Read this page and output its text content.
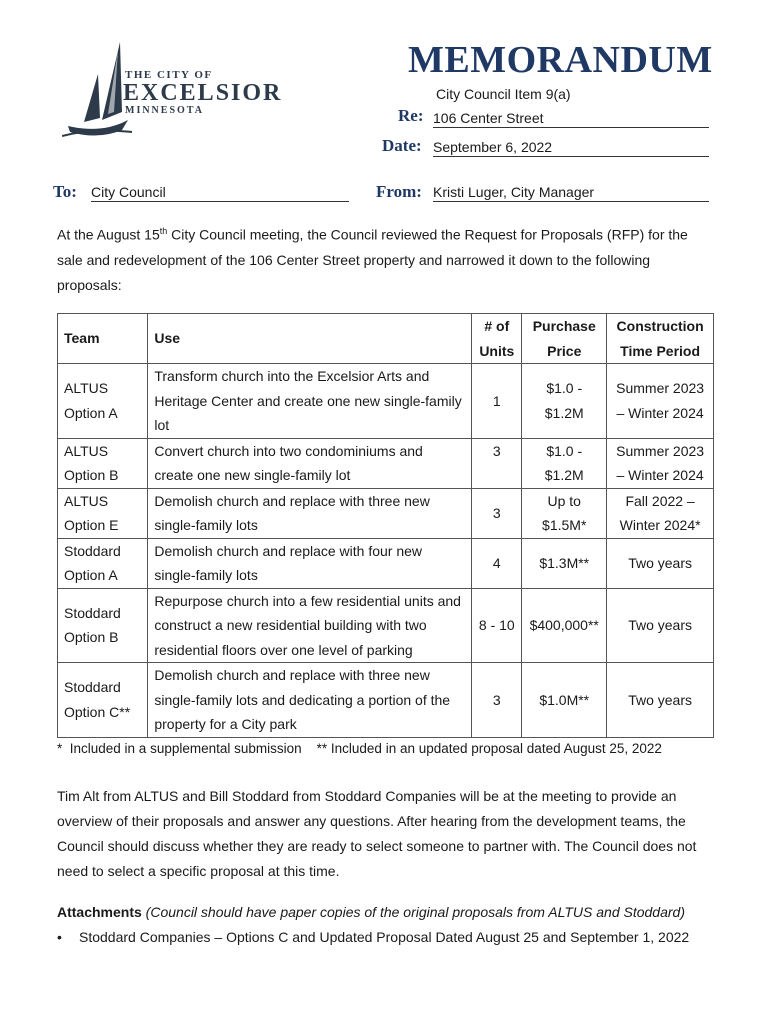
THE CITY OF
EXCELSIOR
MINNESOTA
MEMORANDUM
City Council Item 9(a)
Re: 106 Center Street
Date: September 6, 2022
To: City Council	From: Kristi Luger, City Manager
At the August 15th City Council meeting, the Council reviewed the Request for Proposals (RFP) for the sale and redevelopment of the 106 Center Street property and narrowed it down to the following proposals:
Team	Use	# of Units	Purchase Price	Construction Time Period
ALTUS Option A	Transform church into the Excelsior Arts and Heritage Center and create one new single-family lot	1	$1.0 - $1.2M	Summer 2023 – Winter 2024
ALTUS Option B	Convert church into two condominiums and create one new single-family lot	3	$1.0 - $1.2M	Summer 2023 – Winter 2024
ALTUS Option E	Demolish church and replace with three new single-family lots	3	Up to $1.5M*	Fall 2022 – Winter 2024*
Stoddard Option A	Demolish church and replace with four new single-family lots	4	$1.3M**	Two years
Stoddard Option B	Repurpose church into a few residential units and construct a new residential building with two residential floors over one level of parking	8 - 10	$400,000**	Two years
Stoddard Option C**	Demolish church and replace with three new single-family lots and dedicating a portion of the property for a City park	3	$1.0M**	Two years
*  Included in a supplemental submission    ** Included in an updated proposal dated August 25, 2022
Tim Alt from ALTUS and Bill Stoddard from Stoddard Companies will be at the meeting to provide an overview of their proposals and answer any questions. After hearing from the development teams, the Council should discuss whether they are ready to select someone to partner with. The Council does not need to select a specific proposal at this time.
Attachments (Council should have paper copies of the original proposals from ALTUS and Stoddard)
• Stoddard Companies – Options C and Updated Proposal Dated August 25 and September 1, 2022
